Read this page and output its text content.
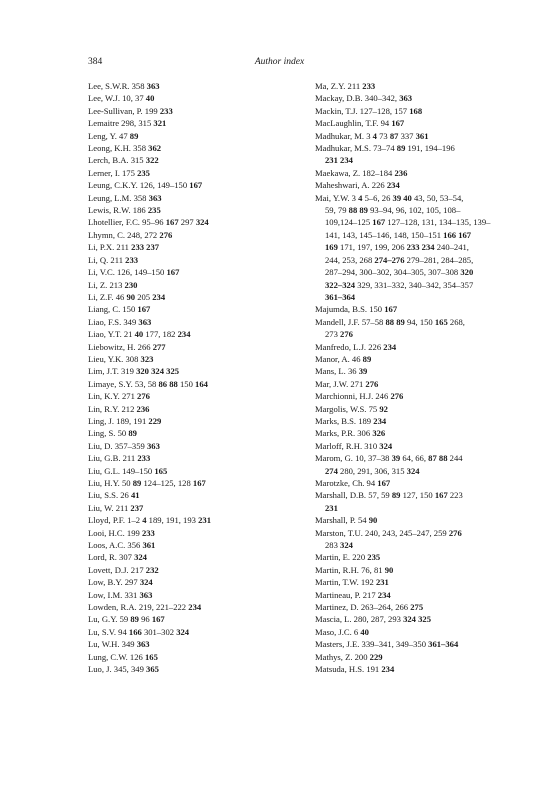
384	Author index
Lee, S.W.R. 358 363
Lee, W.J. 10, 37 40
Lee-Sullivan, P. 199 233
Lemaitre 298, 315 321
Leng, Y. 47 89
Leong, K.H. 358 362
Lerch, B.A. 315 322
Lerner, I. 175 235
Leung, C.K.Y. 126, 149–150 167
Leung, L.M. 358 363
Lewis, R.W. 186 235
Lhotellier, F.C. 95–96 167 297 324
Lhymn, C. 248, 272 276
Li, P.X. 211 233 237
Li, Q. 211 233
Li, V.C. 126, 149–150 167
Li, Z. 213 230
Li, Z.F. 46 90 205 234
Liang, C. 150 167
Liao, F.S. 349 363
Liao, Y.T. 21 40 177, 182 234
Liebowitz, H. 266 277
Lieu, Y.K. 308 323
Lim, J.T. 319 320 324 325
Limaye, S.Y. 53, 58 86 88 150 164
Lin, K.Y. 271 276
Lin, R.Y. 212 236
Ling, J. 189, 191 229
Ling, S. 50 89
Liu, D. 357–359 363
Liu, G.B. 211 233
Liu, G.L. 149–150 165
Liu, H.Y. 50 89 124–125, 128 167
Liu, S.S. 26 41
Liu, W. 211 237
Lloyd, P.F. 1–2 4 189, 191, 193 231
Looi, H.C. 199 233
Loos, A.C. 356 361
Lord, R. 307 324
Lovett, D.J. 217 232
Low, B.Y. 297 324
Low, I.M. 331 363
Lowden, R.A. 219, 221–222 234
Lu, G.Y. 59 89 96 167
Lu, S.V. 94 166 301–302 324
Lu, W.H. 349 363
Lung, C.W. 126 165
Luo, J. 345, 349 365
Ma, Z.Y. 211 233
Mackay, D.B. 340–342, 363
Mackin, T.J. 127–128, 157 168
MacLaughlin, T.F. 94 167
Madhukar, M. 3 4 73 87 337 361
Madhukar, M.S. 73–74 89 191, 194–196
231 234
Maekawa, Z. 182–184 236
Maheshwari, A. 226 234
Mai, Y.W. 3 4 5–6, 26 39 40 43, 50, 53–54,
59, 79 88 89 93–94, 96, 102, 105, 108–
109,124–125 167 127–128, 131, 134–135, 139–
141, 143, 145–146, 148, 150–151 166 167
169 171, 197, 199, 206 233 234 240–241,
244, 253, 268 274–276 279–281, 284–285,
287–294, 300–302, 304–305, 307–308 320
322–324 329, 331–332, 340–342, 354–357
361–364
Majumda, B.S. 150 167
Mandell, J.F. 57–58 88 89 94, 150 165 268,
273 276
Manfredo, L.J. 226 234
Manor, A. 46 89
Mans, L. 36 39
Mar, J.W. 271 276
Marchionni, H.J. 246 276
Margolis, W.S. 75 92
Marks, B.S. 189 234
Marks, P.R. 306 326
Marloff, R.H. 310 324
Marom, G. 10, 37–38 39 64, 66, 87 88 244
274 280, 291, 306, 315 324
Marotzke, Ch. 94 167
Marshall, D.B. 57, 59 89 127, 150 167 223
231
Marshall, P. 54 90
Marston, T.U. 240, 243, 245–247, 259 276
283 324
Martin, E. 220 235
Martin, R.H. 76, 81 90
Martin, T.W. 192 231
Martineau, P. 217 234
Martinez, D. 263–264, 266 275
Mascia, L. 280, 287, 293 324 325
Maso, J.C. 6 40
Masters, J.E. 339–341, 349–350 361–364
Mathys, Z. 200 229
Matsuda, H.S. 191 234
